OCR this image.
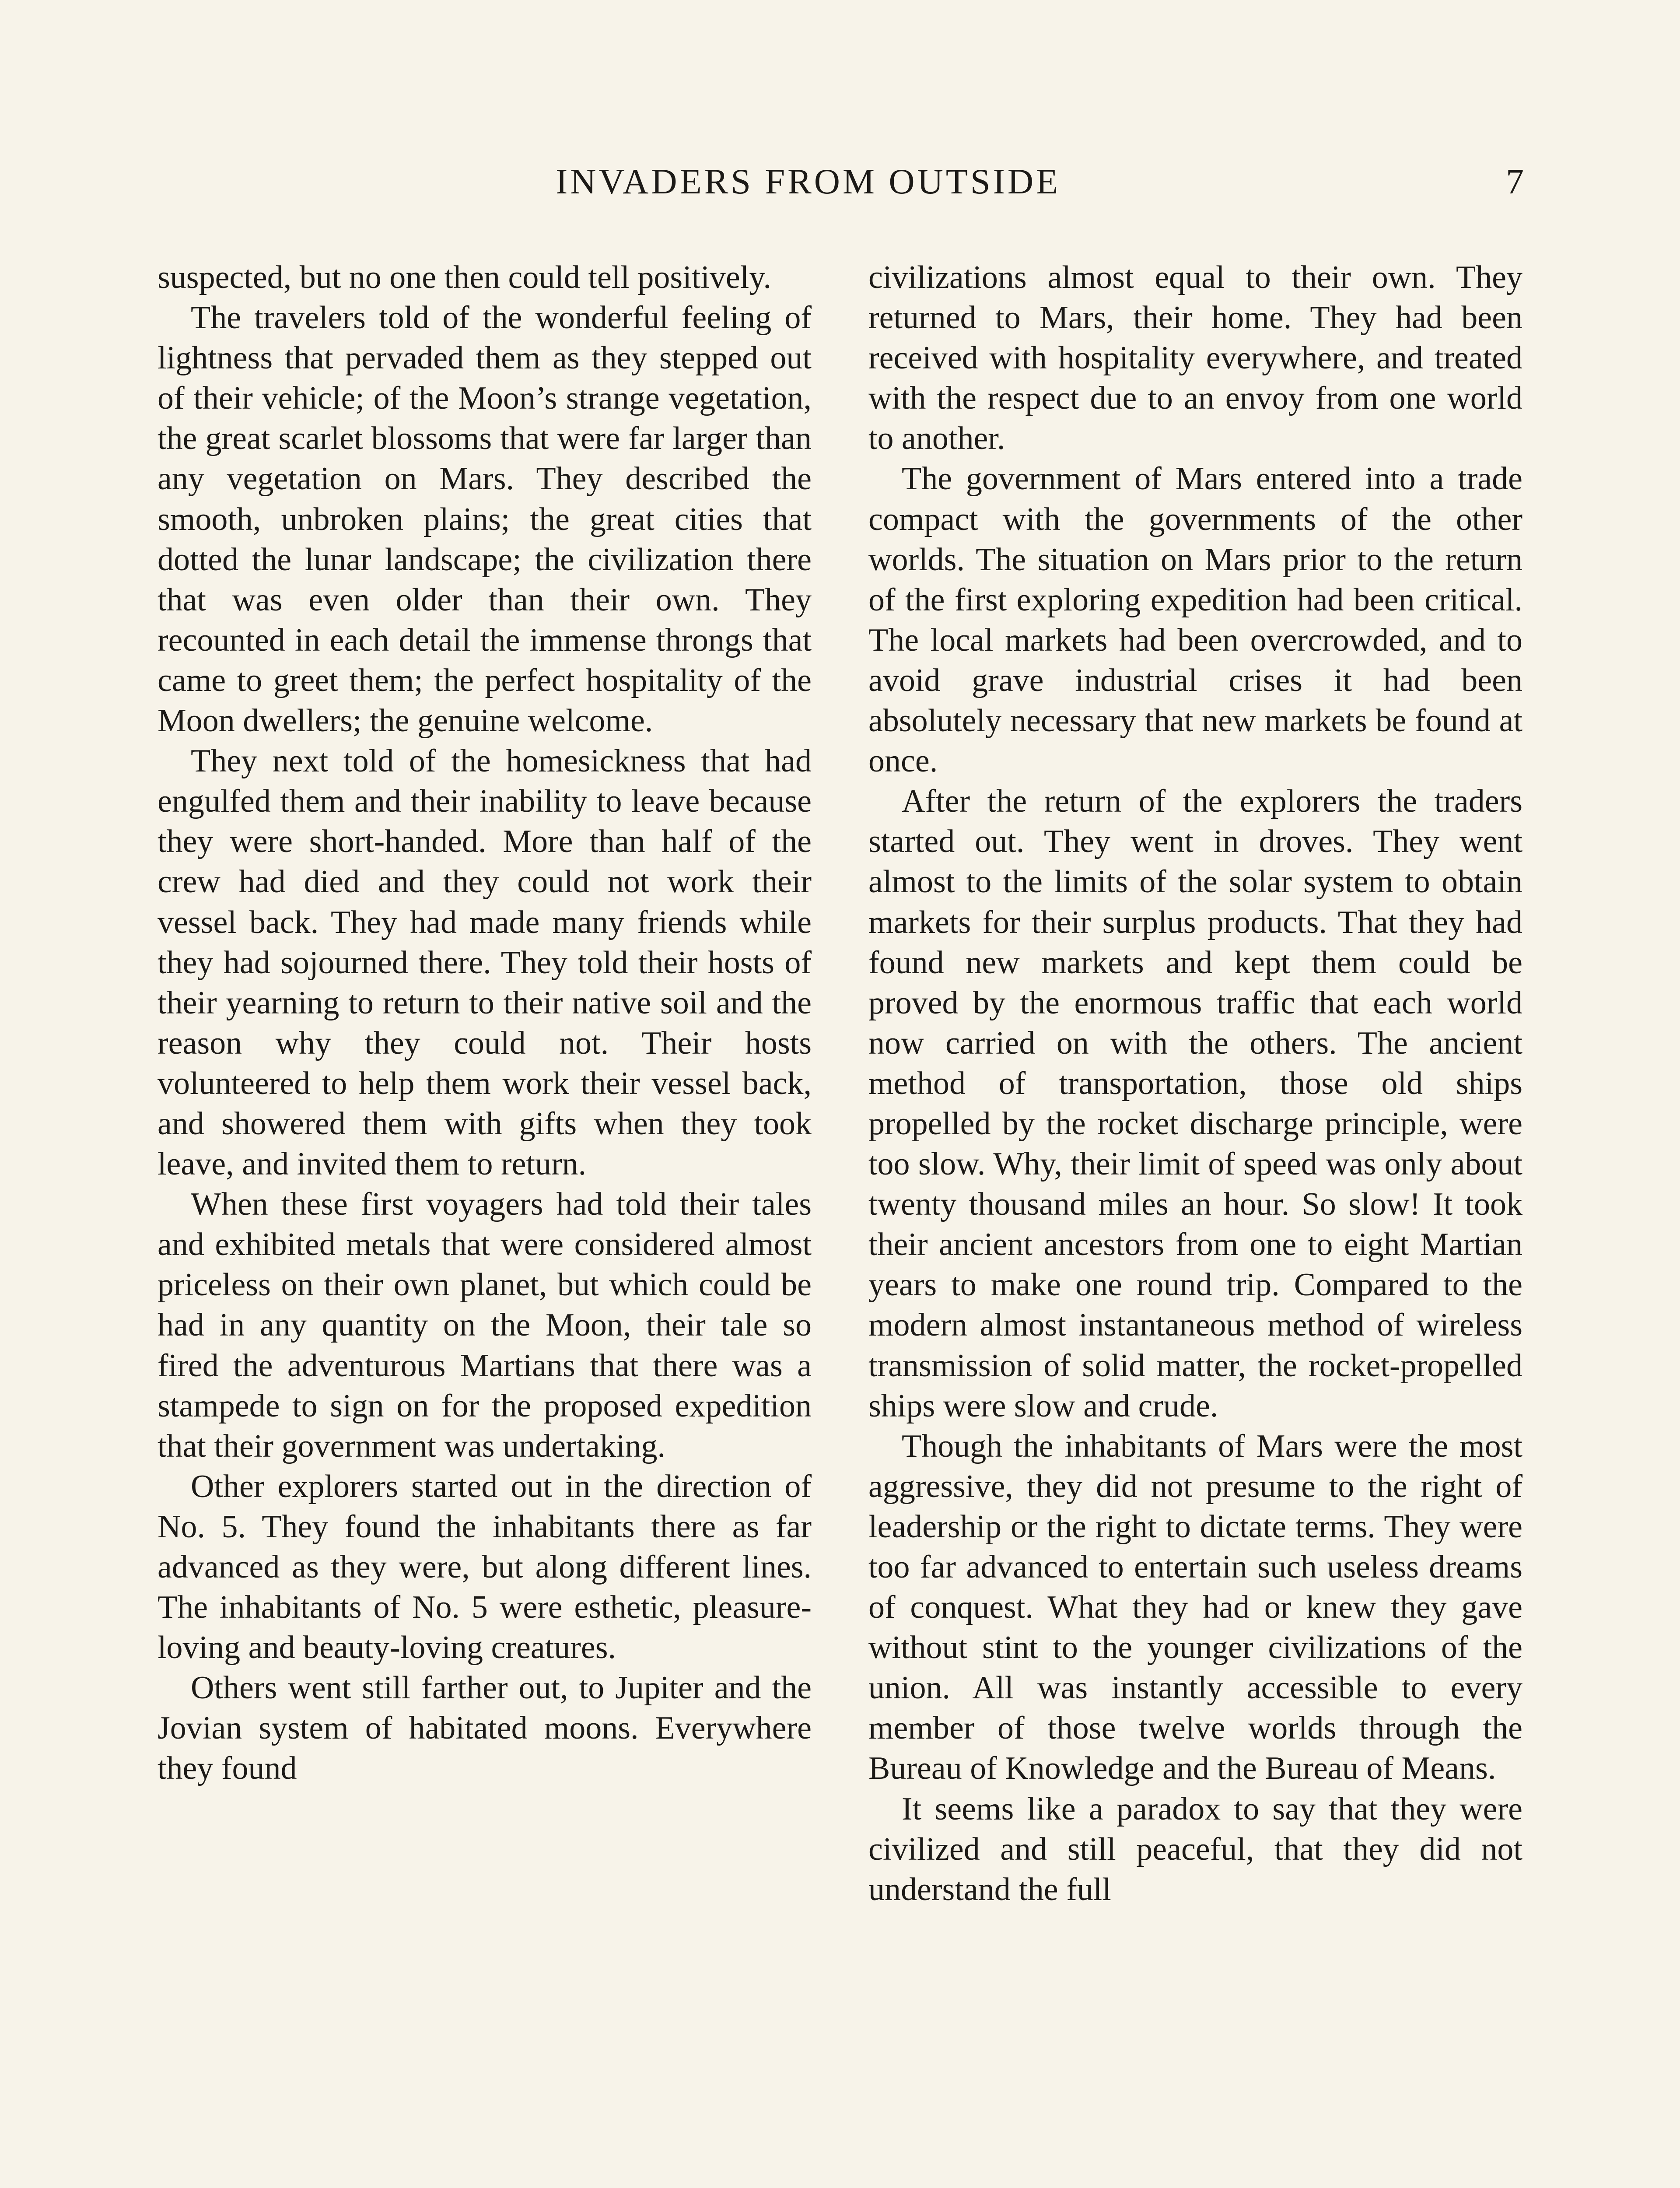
INVADERS FROM OUTSIDE	7

suspected, but no one then could tell positively.

The travelers told of the wonderful feeling of lightness that pervaded them as they stepped out of their vehicle; of the Moon’s strange vegetation, the great scarlet blossoms that were far larger than any vegetation on Mars. They described the smooth, unbroken plains; the great cities that dotted the lunar landscape; the civilization there that was even older than their own. They recounted in each detail the immense throngs that came to greet them; the perfect hospitality of the Moon dwellers; the genuine welcome.

They next told of the homesickness that had engulfed them and their inability to leave because they were short-handed. More than half of the crew had died and they could not work their vessel back. They had made many friends while they had sojourned there. They told their hosts of their yearning to return to their native soil and the reason why they could not. Their hosts volunteered to help them work their vessel back, and showered them with gifts when they took leave, and invited them to return.

When these first voyagers had told their tales and exhibited metals that were considered almost priceless on their own planet, but which could be had in any quantity on the Moon, their tale so fired the adventurous Martians that there was a stampede to sign on for the proposed expedition that their government was undertaking.

Other explorers started out in the direction of No. 5. They found the inhabitants there as far advanced as they were, but along different lines. The inhabitants of No. 5 were esthetic, pleasure-loving and beauty-loving creatures.

Others went still farther out, to Jupiter and the Jovian system of habitated moons. Everywhere they found

civilizations almost equal to their own. They returned to Mars, their home. They had been received with hospitality everywhere, and treated with the respect due to an envoy from one world to another.

The government of Mars entered into a trade compact with the governments of the other worlds. The situation on Mars prior to the return of the first exploring expedition had been critical. The local markets had been overcrowded, and to avoid grave industrial crises it had been absolutely necessary that new markets be found at once.

After the return of the explorers the traders started out. They went in droves. They went almost to the limits of the solar system to obtain markets for their surplus products. That they had found new markets and kept them could be proved by the enormous traffic that each world now carried on with the others. The ancient method of transportation, those old ships propelled by the rocket discharge principle, were too slow. Why, their limit of speed was only about twenty thousand miles an hour. So slow! It took their ancient ancestors from one to eight Martian years to make one round trip. Compared to the modern almost instantaneous method of wireless transmission of solid matter, the rocket-propelled ships were slow and crude.

Though the inhabitants of Mars were the most aggressive, they did not presume to the right of leadership or the right to dictate terms. They were too far advanced to entertain such useless dreams of conquest. What they had or knew they gave without stint to the younger civilizations of the union. All was instantly accessible to every member of those twelve worlds through the Bureau of Knowledge and the Bureau of Means.

It seems like a paradox to say that they were civilized and still peaceful, that they did not understand the full
